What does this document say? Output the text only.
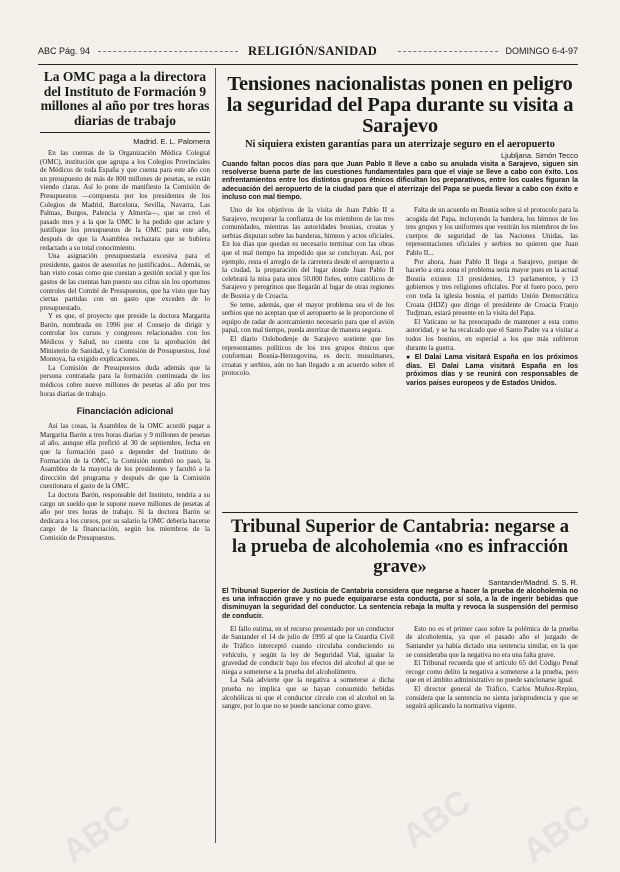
ABC Pág. 94	RELIGIÓN/SANIDAD	DOMINGO 6-4-97
La OMC paga a la directora del Instituto de Formación 9 millones al año por tres horas diarias de trabajo

Madrid. E. L. Palomera

En las cuentas de la Organización Médica Colegial (OMC), institución que agrupa a los Colegios Provinciales de Médicos de toda España y que cuenta para este año con un presupuesto de más de 800 millones de pesetas, se están viendo claras. Así lo pone de manifiesto la Comisión de Presupuestos —compuesta por los presidentes de los Colegios de Madrid, Barcelona, Sevilla, Navarra, Las Palmas, Burgos, Palencia y Almería—, que se creó el pasado mes y a la que la OMC le ha pedido que aclare y justifique los presupuestos de la OMC para este año, después de que la Asamblea rechazara que se hubiera redactado a su total conocimiento.

Una asignación presupuestaria excesiva para el presidente, gastos de asesorías no justificados... Además, se han visto cosas como que cuestan a gestión social y que los gastos de las cuentas han puesto sus cifras sin los oportunos controles del Comité de Presupuestos, que ha visto que hay ciertas partidas con un gasto que exceden de lo presupuestado.

Y es que, el proyecto que preside la doctora Margarita Barón, nombrada en 1996 por el Consejo de dirigir y controlar los cursos y congresos relacionados con los Médicos y Salud, no cuenta con la aprobación del Ministerio de Sanidad, y la Comisión de Presupuestos, José Montoya, ha exigido explicaciones.

La Comisión de Presupuestos duda además que la persona contratada para la formación continuada de los médicos cobre nueve millones de pesetas al año por tres horas diarias de trabajo.

Financiación adicional

Así las cosas, la Asamblea de la OMC acordó pagar a Margarita Barón a tres horas diarias y 9 millones de pesetas al año, aunque ella prefirió al 30 de septiembre, fecha en que la formación pasó a depender del Instituto de Formación de la OMC, la Comisión nombró no pasó, la Asamblea de la mayoría de los presidentes y facultó a la dirección del programa y después de que la Comisión cuestionara el gasto de la OMC.

La doctora Barón, responsable del Instituto, tendría a su cargo un sueldo que le supone nueve millones de pesetas al año por tres horas de trabajo. Si la doctora Barón se dedicara a los cursos, por su salario la OMC debería hacerse cargo de la financiación, según los miembros de la Comisión de Presupuestos.

Tensiones nacionalistas ponen en peligro la seguridad del Papa durante su visita a Sarajevo

Ni siquiera existen garantías para un aterrizaje seguro en el aeropuerto

Ljubljana. Simón Tecco

Cuando faltan pocos días para que Juan Pablo II lleve a cabo su anulada visita a Sarajevo, siguen sin resolverse buena parte de las cuestiones fundamentales para que el viaje se lleve a cabo con éxito. Los enfrentamientos entre los distintos grupos étnicos dificultan los preparativos, entre los cuales figuran la adecuación del aeropuerto de la ciudad para que el aterrizaje del Papa se pueda llevar a cabo con éxito e incluso con mal tiempo.

Uno de los objetivos de la visita de Juan Pablo II a Sarajevo, recuperar la confianza de los miembros de las tres comunidades, mientras las autoridades bosnias, croatas y serbias disputan sobre las banderas, himnos y actos oficiales. En los días que quedan es necesario terminar con las obras que el mal tiempo ha impedido que se concluyan. Así, por ejemplo, resta el arreglo de la carretera desde el aeropuerto a la ciudad, la preparación del lugar donde Juan Pablo II celebrará la misa para unos 50.000 fieles, entre católicos de Sarajevo y peregrinos que llegarán al lugar de otras regiones de Bosnia y de Croacia.

Se teme, además, que el mayor problema sea el de los serbios que no aceptan que el aeropuerto se le proporcione el equipo de radar de acercamiento necesario para que el avión papal, con mal tiempo, pueda aterrizar de manera segura.

El diario Oslobođenje de Sarajevo sostiene que los representantes políticos de los tres grupos étnicos que conforman Bosnia-Herzegovina, es decir, musulmanes, croatas y serbios, aún no han llegado a un acuerdo sobre el protocolo.

Falta de un acuerdo en Bosnia sobre si el protocolo para la acogida del Papa, incluyendo la bandera, los himnos de los tres grupos y los uniformes que vestirán los miembros de los cuerpos de seguridad de las Naciones Unidas, las representaciones oficiales y serbios no quieren que Juan Pablo II...

Por ahora, Juan Pablo II llega a Sarajevo, porque de hacerlo a otra zona el problema sería mayor pues en la actual Bosnia existen 13 presidentes, 13 parlamentos, y 13 gobiernos y tres religiones oficiales. Por el fuero poco, pero con toda la iglesia bosnia, el partido Unión Democrática Croata (HDZ) que dirige el presidente de Croacia Franjo Tudjman, estará presente en la visita del Papa.

El Vaticano se ha preocupado de mantener a esta como autoridad, y se ha recalcado que el Santo Padre va a visitar a todos los bosnios, en especial a los que más sufrieron durante la guerra.

● El Dalai Lama visitará España en los próximos días. El Dalai Lama visitará España en los próximos días y se reunirá con responsables de varios países europeos y de Estados Unidos.

Tribunal Superior de Cantabria: negarse a la prueba de alcoholemia «no es infracción grave»

Santander/Madrid. S. S. R.

El Tribunal Superior de Justicia de Cantabria considera que negarse a hacer la prueba de alcoholemia no es una infracción grave y no puede equipararse esta conducta, por sí sola, a la de ingerir bebidas que disminuyan la seguridad del conductor. La sentencia rebaja la multa y revoca la suspensión del permiso de conducir.

El fallo estima, en el recurso presentado por un conductor de Santander el 14 de julio de 1995 al que la Guardia Civil de Tráfico interceptó cuando circulaba conduciendo su vehículo, y según la ley de Seguridad Vial, igualar la gravedad de conducir bajo los efectos del alcohol al que se niega a someterse a la prueba del alcoholímetro.

La Sala advierte que la negativa a someterse a dicha prueba no implica que se hayan consumido bebidas alcohólicas ni que el conductor circule con el alcohol en la sangre, por lo que no se puede sancionar como grave.

Esto no es el primer caso sobre la polémica de la prueba de alcoholemia, ya que el pasado año el juzgado de Santander ya había dictado una sentencia similar, en la que se consideraba que la negativa no era una falta grave.

El Tribunal recuerda que el artículo 65 del Código Penal recoge como delito la negativa a someterse a la prueba, pero que en el ámbito administrativo no puede sancionarse igual.

El director general de Tráfico, Carlos Muñoz-Repiso, considera que la sentencia no sienta jurisprudencia y que se seguirá aplicando la normativa vigente.

ABC	ABC ABC
